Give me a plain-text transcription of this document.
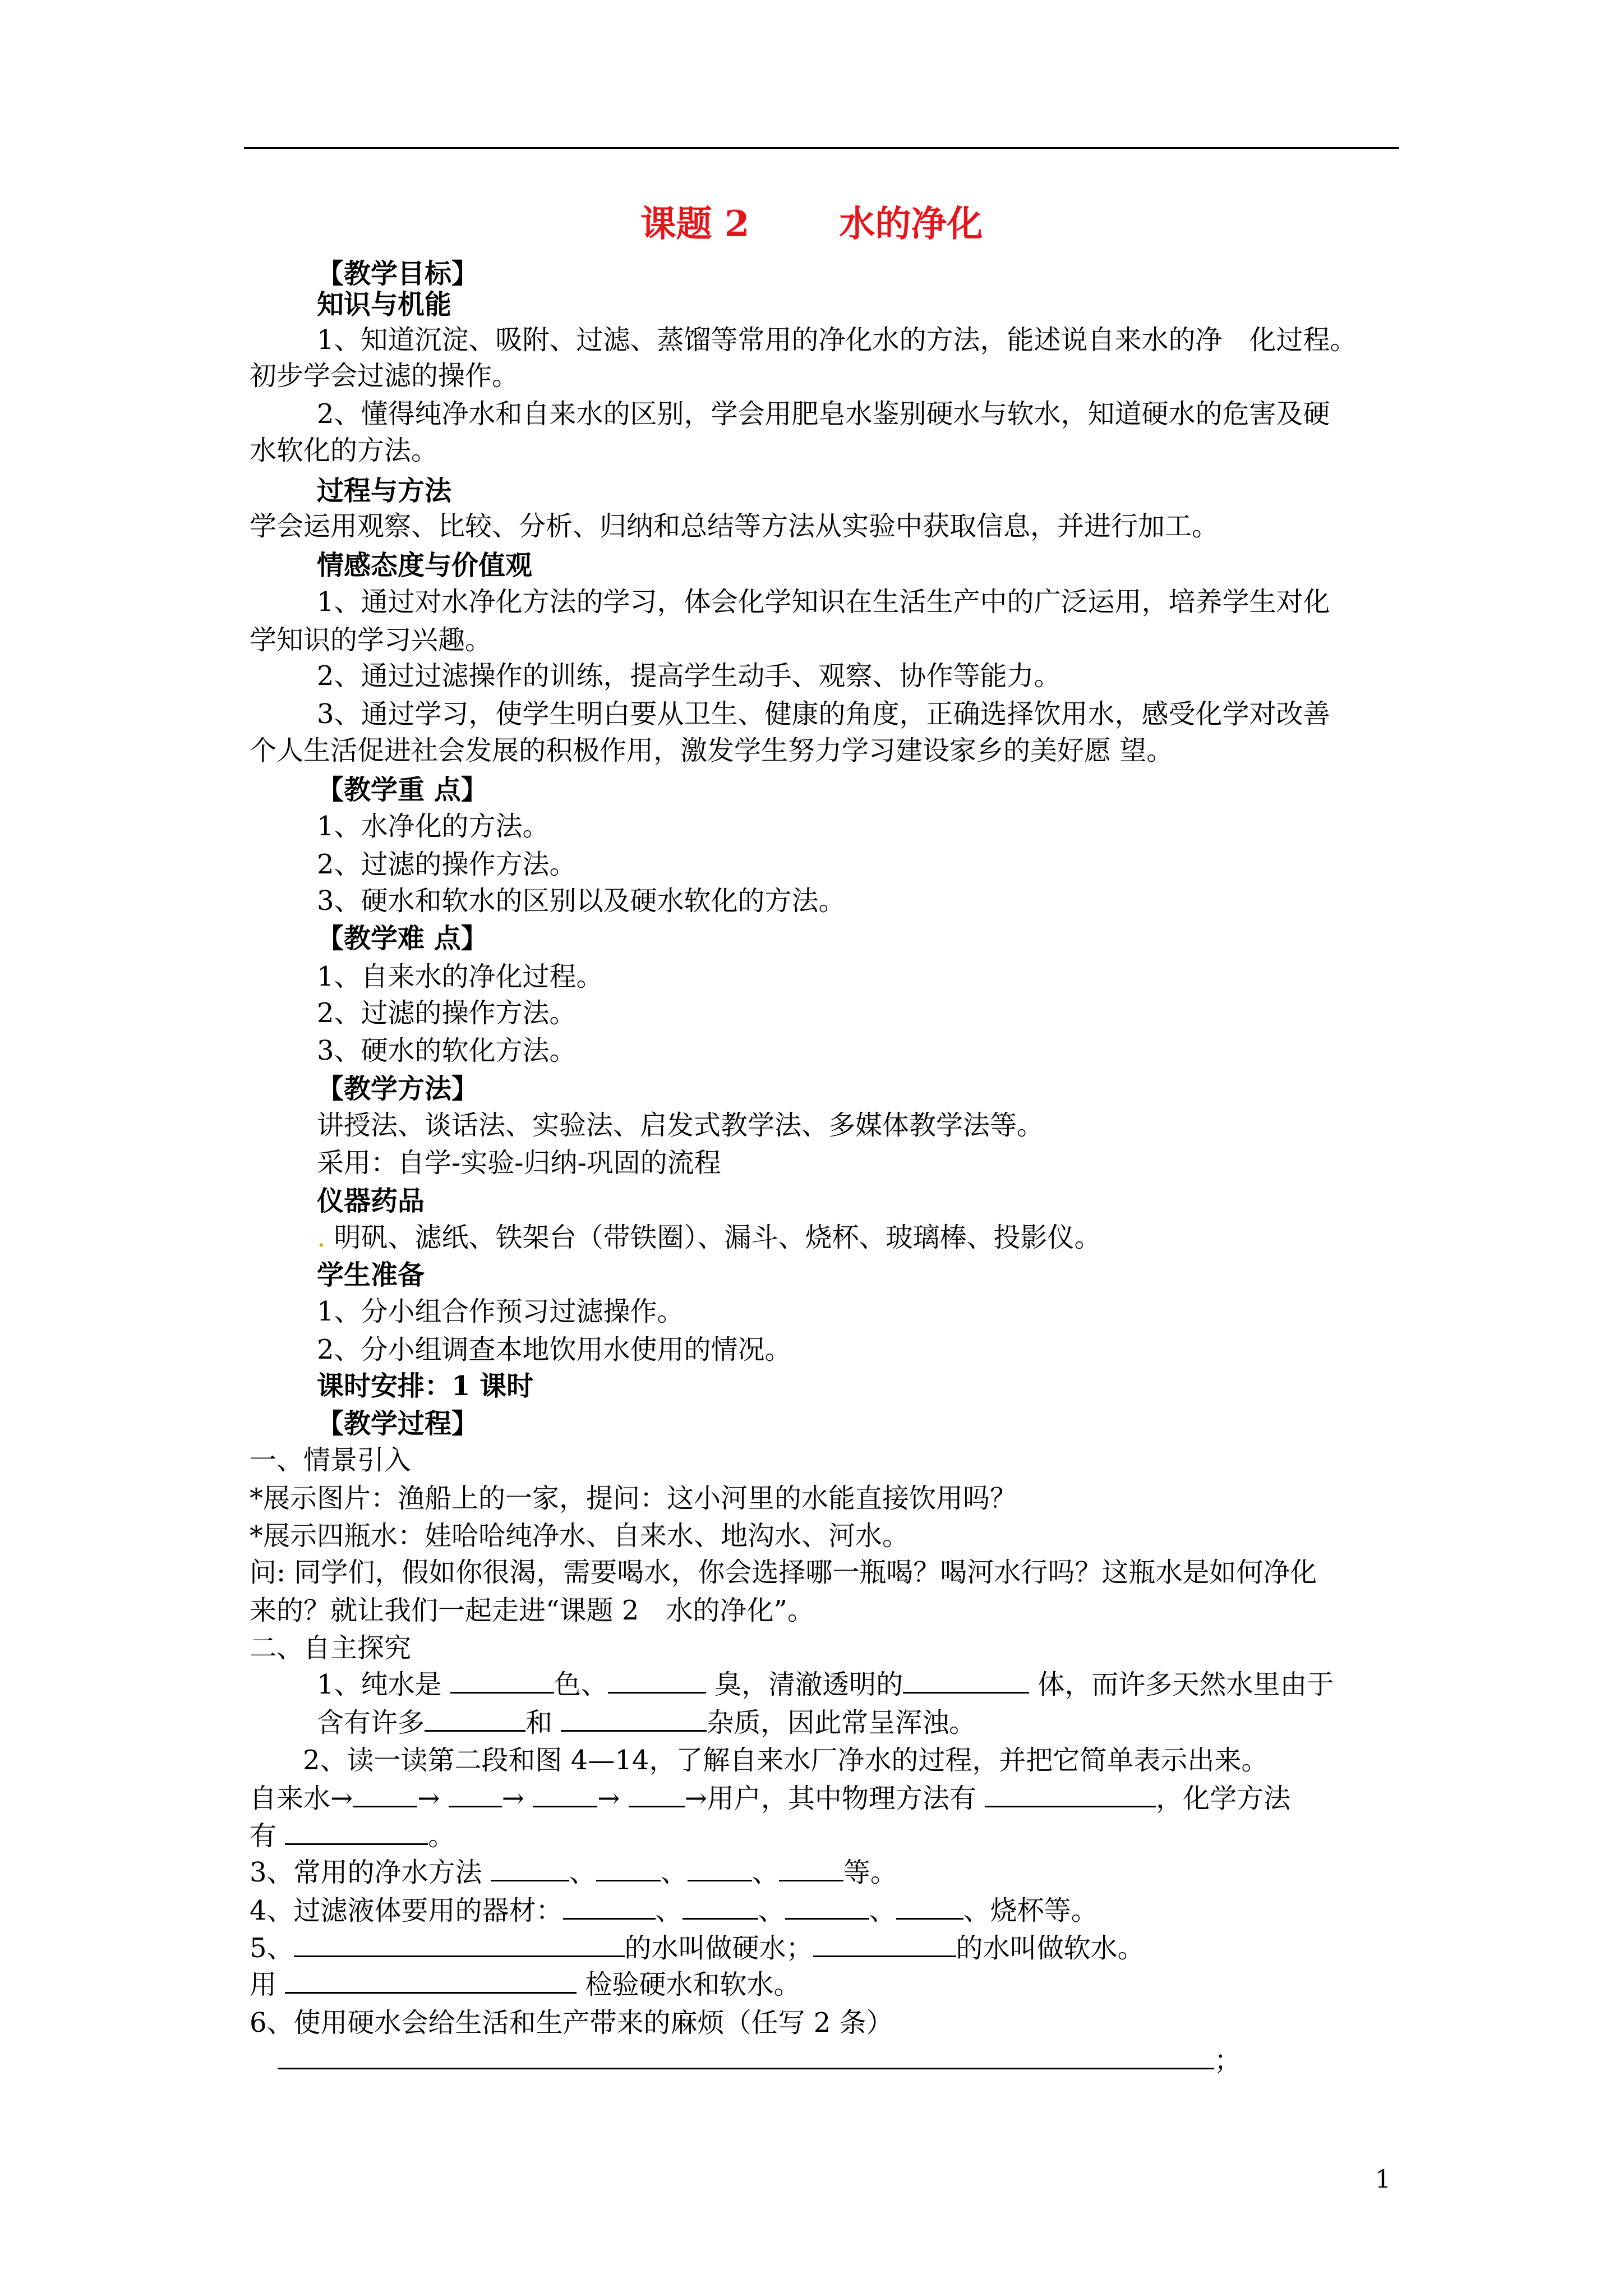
课题 2	水的净化
【教学目标】
知识与机能
1、知道沉淀、吸附、过滤、蒸馏等常用的净化水的方法，能述说自来水的净　化过程。
初步学会过滤的操作。
2、懂得纯净水和自来水的区别，学会用肥皂水鉴别硬水与软水，知道硬水的危害及硬
水软化的方法。
过程与方法
学会运用观察、比较、分析、归纳和总结等方法从实验中获取信息，并进行加工。
情感态度与价值观
1、通过对水净化方法的学习，体会化学知识在生活生产中的广泛运用，培养学生对化
学知识的学习兴趣。
2、通过过滤操作的训练，提高学生动手、观察、协作等能力。
3、通过学习，使学生明白要从卫生、健康的角度，正确选择饮用水，感受化学对改善
个人生活促进社会发展的积极作用，激发学生努力学习建设家乡的美好愿 望。
【教学重 点】
1、水净化的方法。
2、过滤的操作方法。
3、硬水和软水的区别以及硬水软化的方法。
【教学难 点】
1、自来水的净化过程。
2、过滤的操作方法。
3、硬水的软化方法。
【教学方法】
讲授法、谈话法、实验法、启发式教学法、多媒体教学法等。
采用：自学-实验-归纳-巩固的流程
仪器药品
. 明矾、滤纸、铁架台（带铁圈）、漏斗、烧杯、玻璃棒、投影仪。
学生准备
1、分小组合作预习过滤操作。
2、分小组调查本地饮用水使用的情况。
课时安排：1 课时
【教学过程】
一、情景引入
*展示图片：渔船上的一家，提问：这小河里的水能直接饮用吗？
*展示四瓶水：娃哈哈纯净水、自来水、地沟水、河水。
问: 同学们，假如你很渴，需要喝水，你会选择哪一瓶喝？喝河水行吗？这瓶水是如何净化
来的？就让我们一起走进“课题 2　水的净化”。
二、自主探究
1、纯水是	色、	臭，清澈透明的	体，而许多天然水里由于
含有许多	和	杂质，因此常呈浑浊。
2、读一读第二段和图 4—14，了解自来水厂净水的过程，并把它简单表示出来。
自来水→ → →	→ →用户，其中物理方法有	，化学方法
有	。
3、常用的净水方法	、 、 、 等。
4、过滤液体要用的器材：	、	、	、	、烧杯等。
5、	的水叫做硬水；	的水叫做软水。
用	检验硬水和软水。
6、使用硬水会给生活和生产带来的麻烦（任写 2 条）
；
1
